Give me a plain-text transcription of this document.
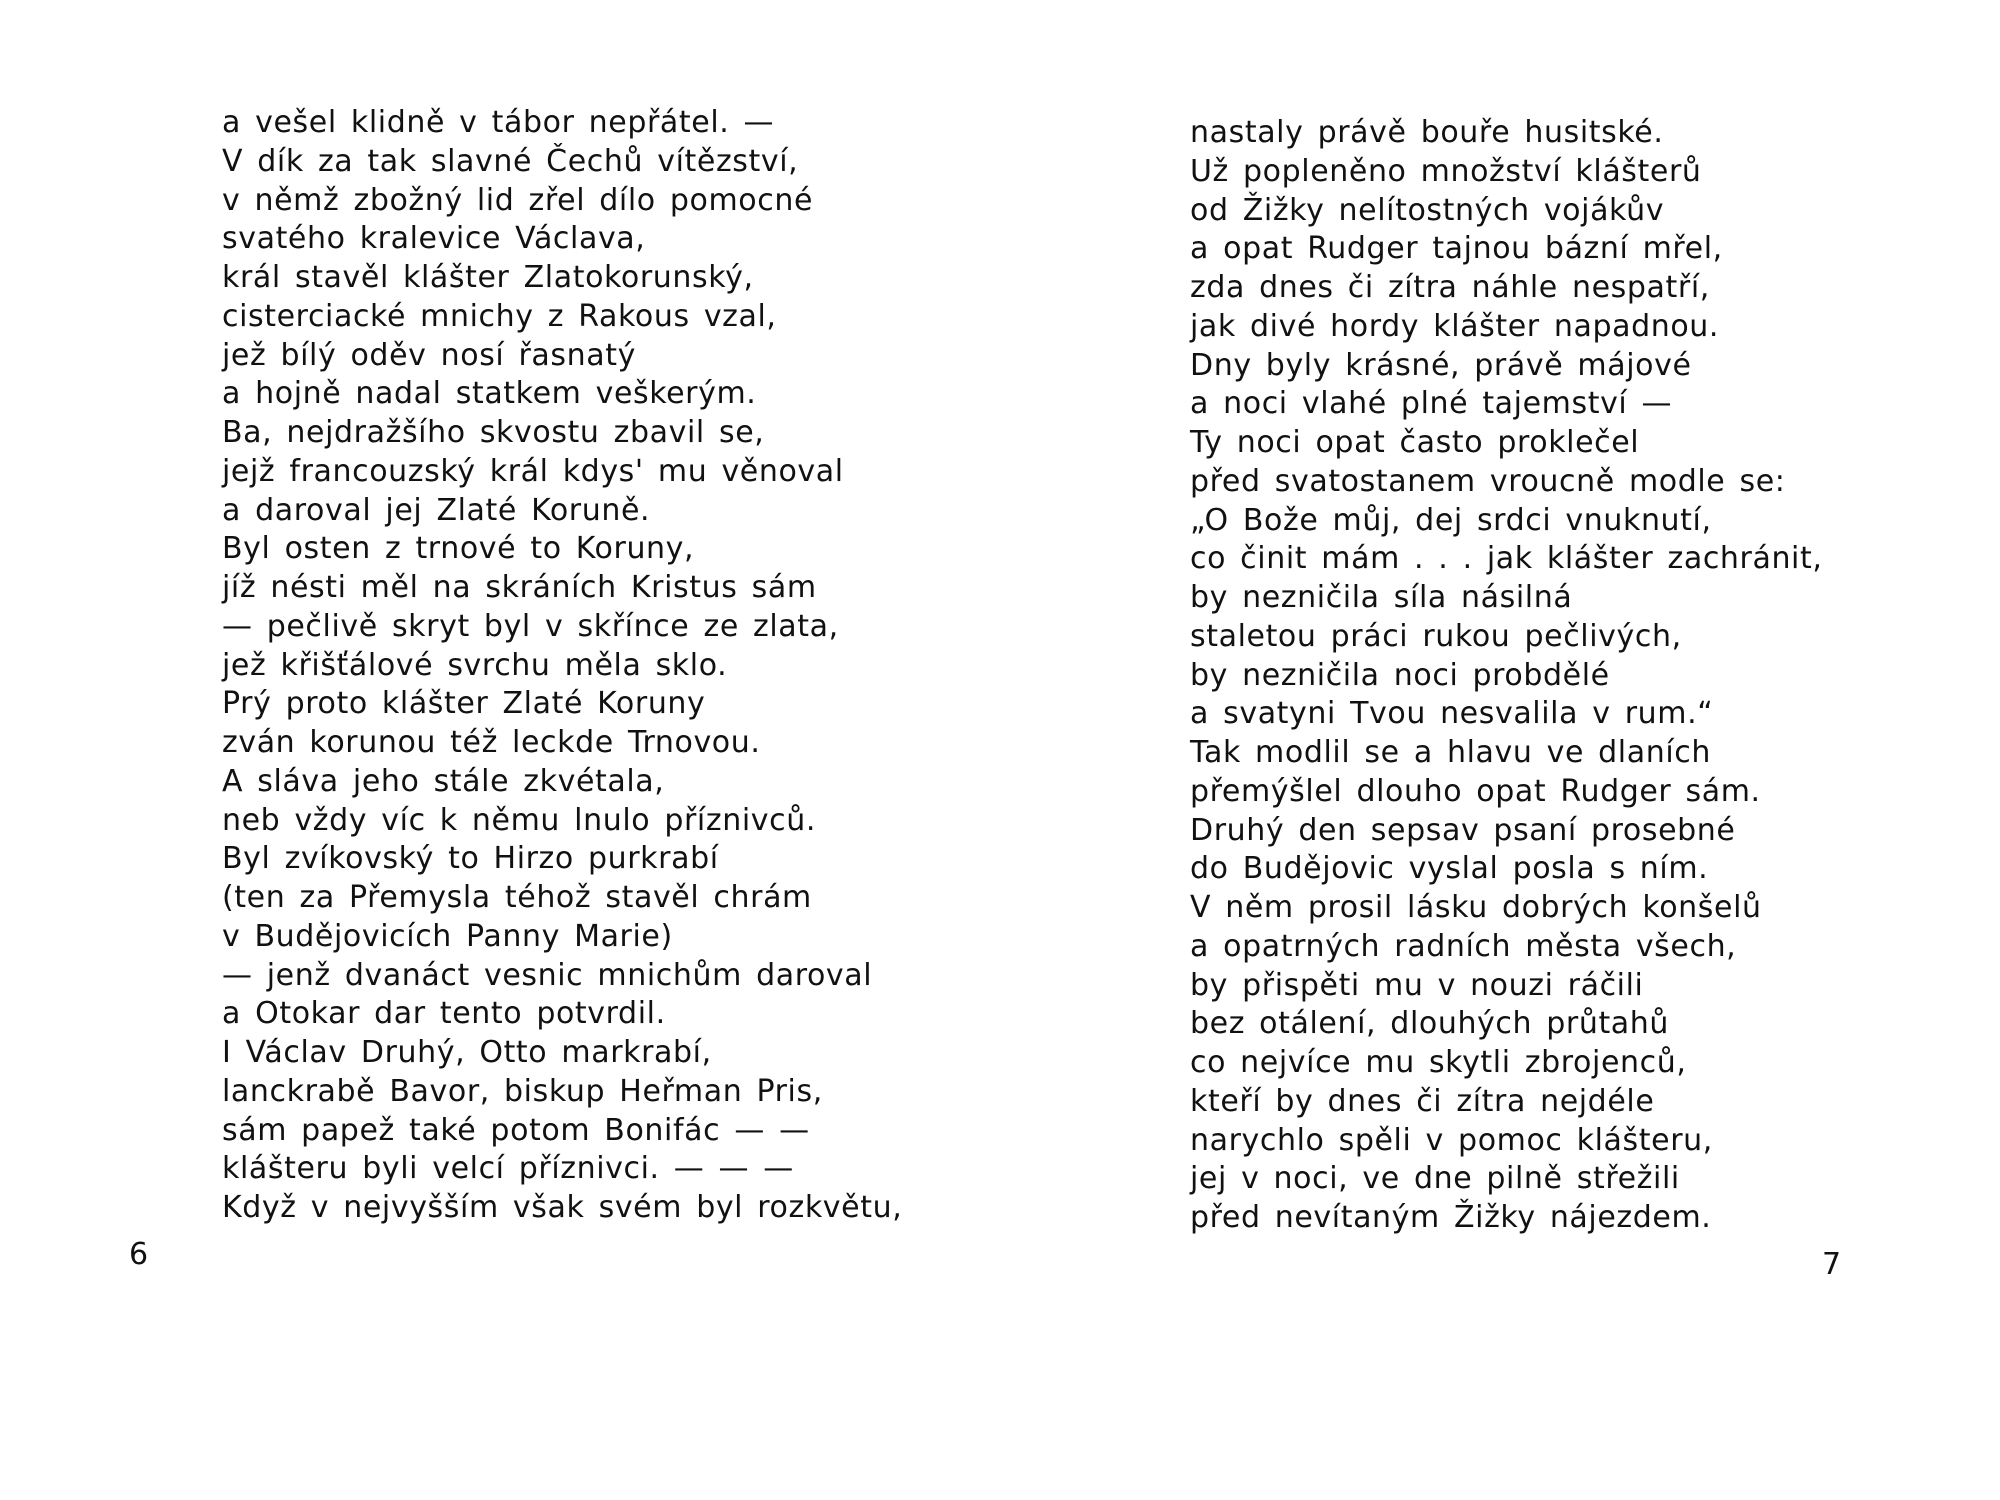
a vešel klidně v tábor nepřátel. —
V dík za tak slavné Čechů vítězství,
v němž zbožný lid zřel dílo pomocné
svatého kralevice Václava,
král stavěl klášter Zlatokorunský,
cisterciacké mnichy z Rakous vzal,
jež bílý oděv nosí řasnatý
a hojně nadal statkem veškerým.
Ba, nejdražšího skvostu zbavil se,
jejž francouzský král kdys' mu věnoval
a daroval jej Zlaté Koruně.
Byl osten z trnové to Koruny,
jíž nésti měl na skráních Kristus sám
— pečlivě skryt byl v skřínce ze zlata,
jež křišťálové svrchu měla sklo.
Prý proto klášter Zlaté Koruny
zván korunou též leckde Trnovou.
A sláva jeho stále zkvétala,
neb vždy víc k němu lnulo příznivců.
Byl zvíkovský to Hirzo purkrabí
(ten za Přemysla téhož stavěl chrám
v Budějovicích Panny Marie)
— jenž dvanáct vesnic mnichům daroval
a Otokar dar tento potvrdil.
I Václav Druhý, Otto markrabí,
lanckrabě Bavor, biskup Heřman Pris,
sám papež také potom Bonifác — —
klášteru byli velcí příznivci. — — —
Když v nejvyšším však svém byl rozkvětu,
6
nastaly právě bouře husitské.
Už popleněno množství klášterů
od Žižky nelítostných vojákův
a opat Rudger tajnou bázní mřel,
zda dnes či zítra náhle nespatří,
jak divé hordy klášter napadnou.
Dny byly krásné, právě májové
a noci vlahé plné tajemství —
Ty noci opat často proklečel
před svatostanem vroucně modle se:
„O Bože můj, dej srdci vnuknutí,
co činit mám . . . jak klášter zachránit,
by nezničila síla násilná
staletou práci rukou pečlivých,
by nezničila noci probdělé
a svatyni Tvou nesvalila v rum.“
Tak modlil se a hlavu ve dlaních
přemýšlel dlouho opat Rudger sám.
Druhý den sepsav psaní prosebné
do Budějovic vyslal posla s ním.
V něm prosil lásku dobrých konšelů
a opatrných radních města všech,
by přispěti mu v nouzi ráčili
bez otálení, dlouhých průtahů
co nejvíce mu skytli zbrojenců,
kteří by dnes či zítra nejdéle
narychlo spěli v pomoc klášteru,
jej v noci, ve dne pilně střežili
před nevítaným Žižky nájezdem.
7
